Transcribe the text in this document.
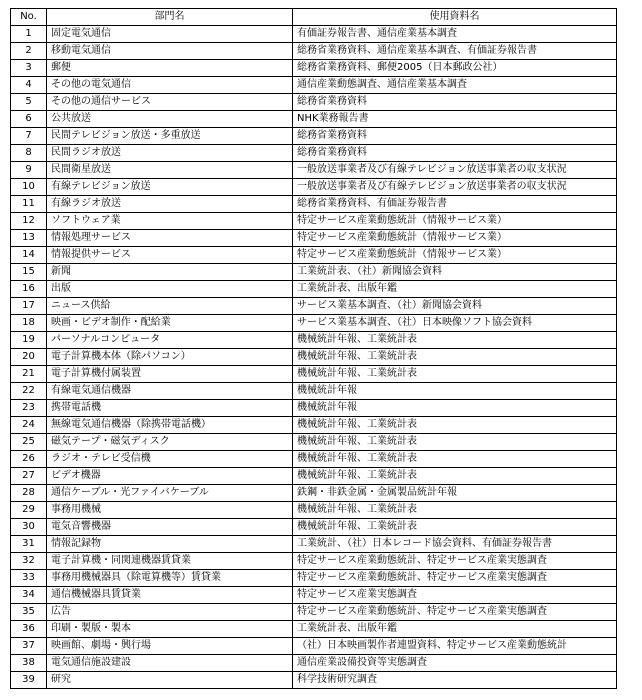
No.	部門名	使用資料名
1	固定電気通信	有価証券報告書、通信産業基本調査
2	移動電気通信	総務省業務資料、通信産業基本調査、有価証券報告書
3	郵便	総務省業務資料、郵便2005（日本郵政公社）
4	その他の電気通信	通信産業動態調査、通信産業基本調査
5	その他の通信サービス	総務省業務資料
6	公共放送	NHK業務報告書
7	民間テレビジョン放送・多重放送	総務省業務資料
8	民間ラジオ放送	総務省業務資料
9	民間衛星放送	一般放送事業者及び有線テレビジョン放送事業者の収支状況
10	有線テレビジョン放送	一般放送事業者及び有線テレビジョン放送事業者の収支状況
11	有線ラジオ放送	総務省業務資料、有価証券報告書
12	ソフトウェア業	特定サービス産業動態統計（情報サービス業）
13	情報処理サービス	特定サービス産業動態統計（情報サービス業）
14	情報提供サービス	特定サービス産業動態統計（情報サービス業）
15	新聞	工業統計表、（社）新聞協会資料
16	出版	工業統計表、出版年鑑
17	ニュース供給	サービス業基本調査、（社）新聞協会資料
18	映画・ビデオ制作・配給業	サービス業基本調査、（社）日本映像ソフト協会資料
19	パーソナルコンピュータ	機械統計年報、工業統計表
20	電子計算機本体（除パソコン）	機械統計年報、工業統計表
21	電子計算機付属装置	機械統計年報、工業統計表
22	有線電気通信機器	機械統計年報
23	携帯電話機	機械統計年報
24	無線電気通信機器（除携帯電話機）	機械統計年報、工業統計表
25	磁気テープ・磁気ディスク	機械統計年報、工業統計表
26	ラジオ・テレビ受信機	機械統計年報、工業統計表
27	ビデオ機器	機械統計年報、工業統計表
28	通信ケーブル・光ファイバケーブル	鉄鋼・非鉄金属・金属製品統計年報
29	事務用機械	機械統計年報、工業統計表
30	電気音響機器	機械統計年報、工業統計表
31	情報記録物	工業統計、（社）日本レコード協会資料、有価証券報告書
32	電子計算機・同関連機器賃貸業	特定サービス産業動態統計、特定サービス産業実態調査
33	事務用機械器具（除電算機等）賃貸業	特定サービス産業動態統計、特定サービス産業実態調査
34	通信機械器具賃貸業	特定サービス産業実態調査
35	広告	特定サービス産業動態統計、特定サービス産業実態調査
36	印刷・製版・製本	工業統計表、出版年鑑
37	映画館、劇場・興行場	（社）日本映画製作者連盟資料、特定サービス産業動態統計
38	電気通信施設建設	通信産業設備投資等実態調査
39	研究	科学技術研究調査
